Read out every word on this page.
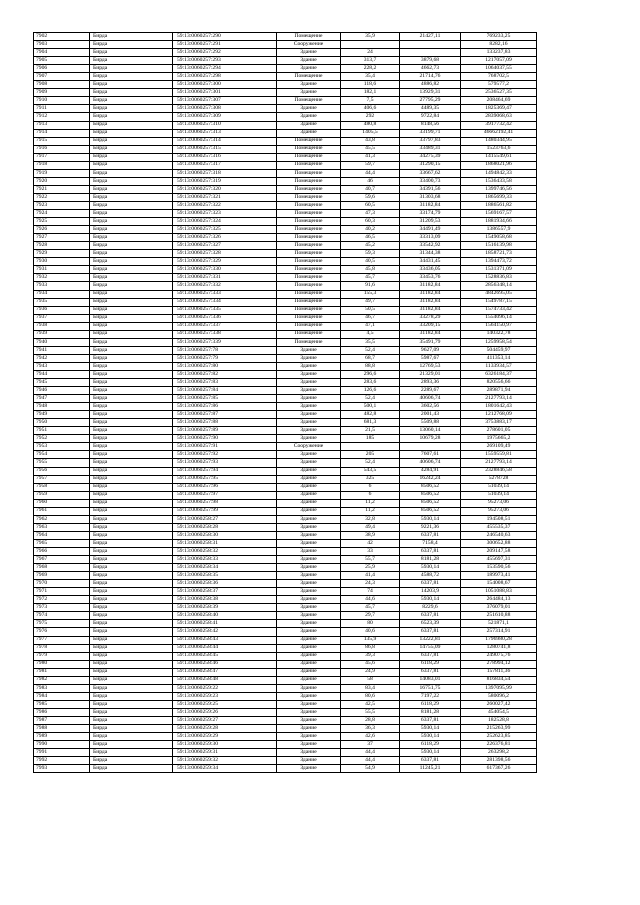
7902	Бирда	59:13:0060257:290	Помещение	35,9	21427,11	769233,25
7903	Бирда	59:13:0060257:291	Сооружение			8282,16
7904	Бирда	59:13:0060257:292	Здание	24		133237,83
7905	Бирда	59:13:0060257:293	Здание	313,7	3879,68	1217057,09
7906	Бирда	59:13:0060257:294	Здание	228,2	4662,73	1064037,55
7907	Бирда	59:13:0060257:298	Помещение	35,4	21714,76	768702,5
7908	Бирда	59:13:0060257:300	Здание	118,6	4886,82	579577,2
7909	Бирда	59:13:0060257:301	Здание	182,1	13929,31	2536527,35
7910	Бирда	59:13:0060257:307	Помещение	7,5	27795,29	208464,69
7911	Бирда	59:13:0060257:308	Здание	406,6	4489,35	1825369,47
7912	Бирда	59:13:0060257:309	Здание	292	9722,84	2839068,63
7913	Бирда	59:13:0060257:310	Здание	480,8	8148,56	3917732,42
7914	Бирда	59:13:0060257:313	Здание	1405,5	33199,71	46662192,41
7915	Бирда	59:13:0060257:314	Помещение	43,8	33797,83	1480344,95
7916	Бирда	59:13:0060257:315	Помещение	45,5	33489,31	1523763,6
7917	Бирда	59:13:0060257:316	Помещение	41,3	34275,39	1415549,61
7918	Бирда	59:13:0060257:317	Помещение	59,7	31290,15	1868021,96
7919	Бирда	59:13:0060257:318	Помещение	44,4	33667,62	1494842,33
7920	Бирда	59:13:0060257:319	Помещение	46	33400,73	1536433,58
7921	Бирда	59:13:0060257:320	Помещение	40,7	34391,56	1399746,56
7922	Бирда	59:13:0060257:321	Помещение	59,6	31303,68	1865699,33
7923	Бирда	59:13:0060257:322	Помещение	60,5	31182,84	1886561,82
7924	Бирда	59:13:0060257:323	Помещение	47,3	33174,79	1569167,57
7925	Бирда	59:13:0060257:324	Помещение	60,3	31209,53	1881934,66
7926	Бирда	59:13:0060257:325	Помещение	40,2	34491,49	1386557,9
7927	Бирда	59:13:0060257:326	Помещение	46,5	33313,09	1549058,68
7928	Бирда	59:13:0060257:327	Помещение	45,2	33542,92	1516139,98
7929	Бирда	59:13:0060257:328	Помещение	59,3	31344,38	1858721,73
7930	Бирда	59:13:0060257:329	Помещение	40,5	34431,45	1394473,72
7931	Бирда	59:13:0060257:330	Помещение	45,8	33436,05	1531371,09
7932	Бирда	59:13:0060257:331	Помещение	45,7	33453,76	1528836,83
7933	Бирда	59:13:0060257:332	Помещение	91,6	31182,84	2856348,14
7934	Бирда	59:13:0060257:333	Помещение	155,3	31182,84	4842695,05
7935	Бирда	59:13:0060257:334	Помещение	49,7	31182,84	1549787,15
7936	Бирда	59:13:0060257:335	Помещение	50,5	31182,84	1574733,42
7937	Бирда	59:13:0060257:336	Помещение	46,7	33278,29	1554096,14
7938	Бирда	59:13:0060257:337	Помещение	47,1	33209,15	1564150,97
7939	Бирда	59:13:0060257:338	Помещение	4,5	31182,84	140322,78
7940	Бирда	59:13:0060257:339	Помещение	35,5	35491,79	1259958,54
7941	Бирда	59:13:0060257:78	Здание	52,4	9627,09	504459,97
7942	Бирда	59:13:0060257:79	Здание	68,7	5987,67	411353,14
7943	Бирда	59:13:0060257:80	Здание	88,8	12769,53	1133934,57
7944	Бирда	59:13:0060257:82	Здание	296,6	21329,01	6326184,37
7945	Бирда	59:13:0060257:83	Здание	283,6	2893,36	820556,66
7946	Бирда	59:13:0060257:84	Здание	126,6	2289,67	289871,94
7947	Бирда	59:13:0060257:85	Здание	52,4	40606,74	2127793,14
7948	Бирда	59:13:0060257:86	Здание	500,1	3602,56	1801642,43
7949	Бирда	59:13:0060257:87	Здание	482,8	2001,43	1212768,09
7950	Бирда	59:13:0060257:88	Здание	681,3	5509,88	3753883,17
7951	Бирда	59:13:0060257:89	Здание	21,5	13060,14	278601,05
7952	Бирда	59:13:0060257:90	Здание	185	10679,28	1975665,2
7953	Бирда	59:13:0060257:91	Сооружение			269109,49
7954	Бирда	59:13:0060257:92	Здание	205	7607,61	1559559,81
7955	Бирда	59:13:0060257:93	Здание	52,4	40606,74	2127793,14
7956	Бирда	59:13:0060257:94	Здание	543,5	4284,91	2328846,58
7957	Бирда	59:13:0060257:95	Здание	325	16242,24	5278728
7958	Бирда	59:13:0060257:96	Здание	6	8506,52	51039,14
7959	Бирда	59:13:0060257:97	Здание	6	8506,52	51039,14
7960	Бирда	59:13:0060257:98	Здание	11,2	8506,52	95273,06
7961	Бирда	59:13:0060257:99	Здание	11,2	8506,52	95273,06
7962	Бирда	59:13:0060258:27	Здание	32,8	5930,14	194508,51
7963	Бирда	59:13:0060258:28	Здание	49,4	9221,36	455535,37
7964	Бирда	59:13:0060258:30	Здание	38,9	6337,81	246540,63
7965	Бирда	59:13:0060258:31	Здание	42	7158,4	300652,88
7966	Бирда	59:13:0060258:32	Здание	33	6337,81	209147,58
7967	Бирда	59:13:0060258:33	Здание	55,7	8181,28	455697,31
7968	Бирда	59:13:0060258:34	Здание	25,9	5930,14	153590,56
7969	Бирда	59:13:0060258:35	Здание	41,4	4588,72	189973,41
7970	Бирда	59:13:0060258:36	Здание	24,3	6337,81	154008,67
7971	Бирда	59:13:0060258:37	Здание	74	14203,9	1051088,83
7972	Бирда	59:13:0060258:38	Здание	44,6	5930,14	264484,13
7973	Бирда	59:13:0060258:39	Здание	45,7	8229,6	376079,01
7974	Бирда	59:13:0060258:40	Здание	29,7	6337,81	251610,88
7975	Бирда	59:13:0060258:41	Здание	80	6523,39	521871,1
7976	Бирда	59:13:0060258:42	Здание	40,6	6337,81	257314,91
7977	Бирда	59:13:0060258:43	Здание	135,9	13222,81	1796980,28
7978	Бирда	59:13:0060258:44	Здание	86,8	14755,09	1280741,8
7979	Бирда	59:13:0060258:45	Здание	39,3	6337,81	249075,76
7980	Бирда	59:13:0060258:46	Здание	45,6	6118,29	278994,12
7981	Бирда	59:13:0060258:47	Здание	24,9	6337,81	157811,36
7982	Бирда	59:13:0060258:48	Здание	58	14083,01	816834,54
7983	Бирда	59:13:0060259:22	Здание	83,4	16751,75	1397095,99
7984	Бирда	59:13:0060259:23	Здание	80,6	7197,22	580096,2
7985	Бирда	59:13:0060259:25	Здание	42,5	6118,29	260027,42
7986	Бирда	59:13:0060259:26	Здание	55,5	8181,28	454054,5
7987	Бирда	59:13:0060259:27	Здание	28,8	6337,81	182528,8
7988	Бирда	59:13:0060259:28	Здание	36,3	5930,14	215263,99
7989	Бирда	59:13:0060259:29	Здание	42,6	5930,14	252623,85
7990	Бирда	59:13:0060259:30	Здание	37	6118,29	226376,81
7991	Бирда	59:13:0060259:31	Здание	44,4	5930,14	263298,2
7992	Бирда	59:13:0060259:32	Здание	44,4	6337,81	281398,56
7993	Бирда	59:13:0060259:34	Здание	54,9	11245,21	617367,26
